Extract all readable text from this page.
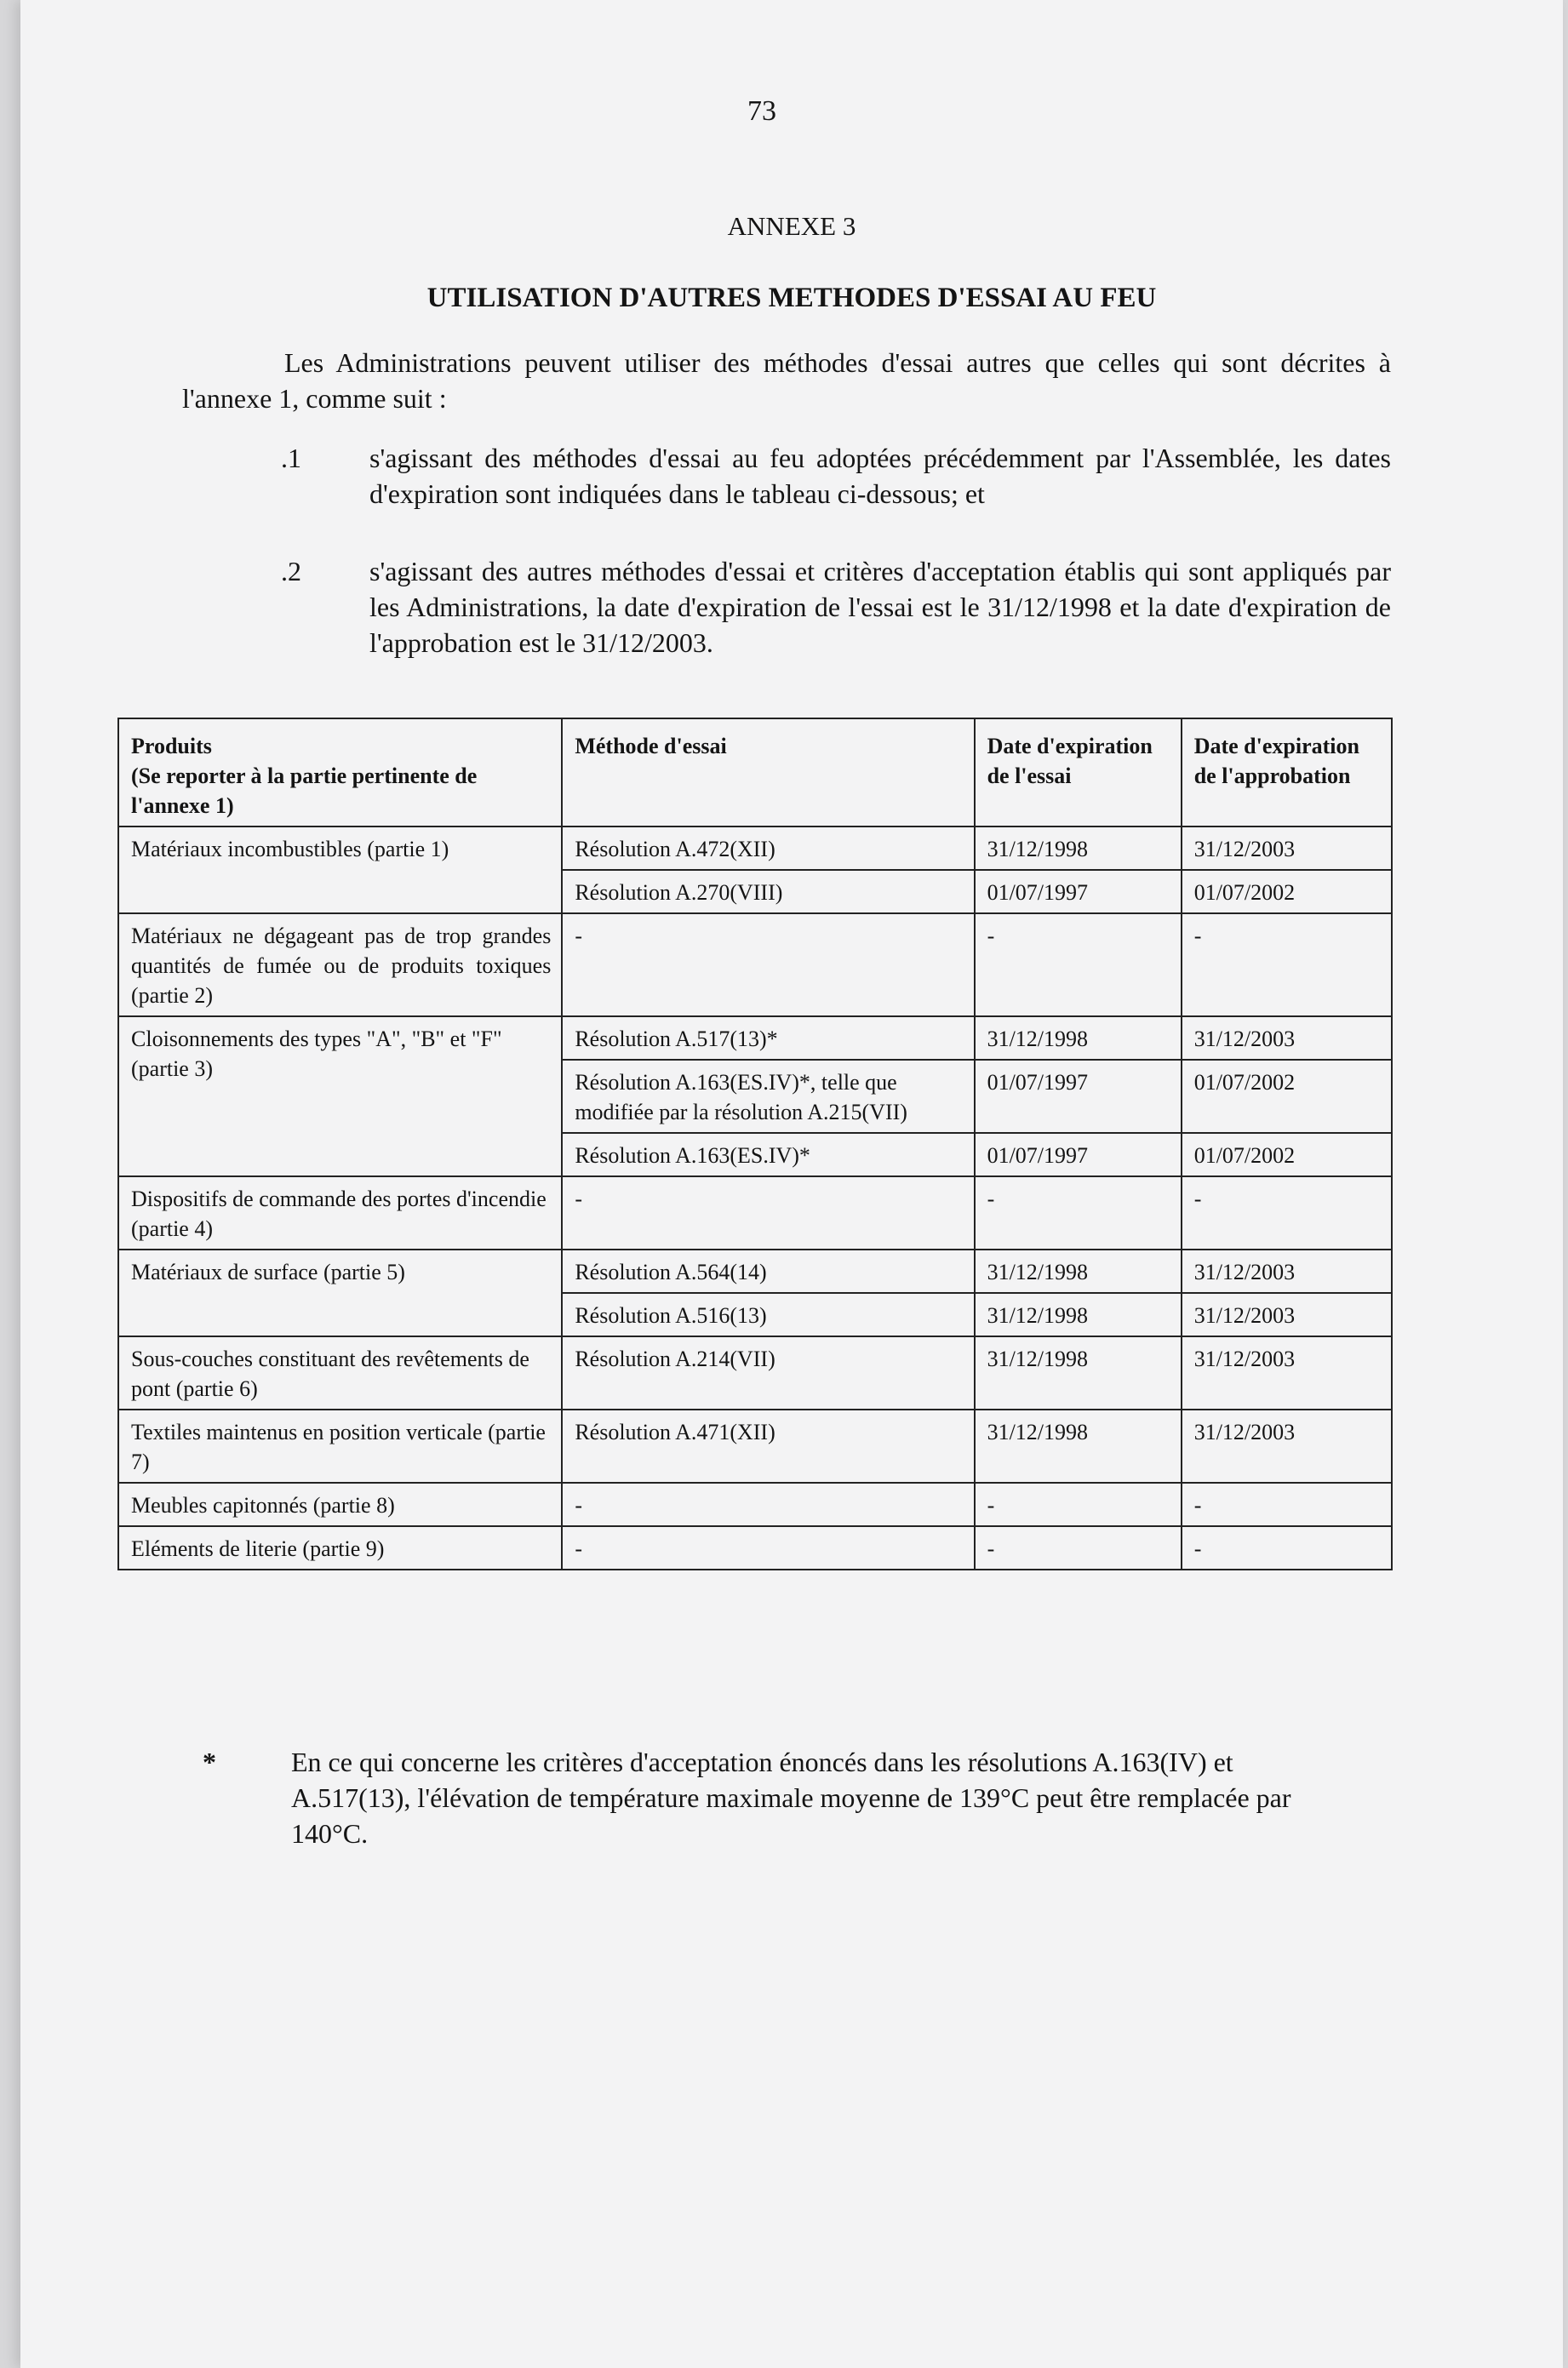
73
ANNEXE 3
UTILISATION D'AUTRES METHODES D'ESSAI AU FEU
Les Administrations peuvent utiliser des méthodes d'essai autres que celles qui sont décrites à l'annexe 1, comme suit :
.1	s'agissant des méthodes d'essai au feu adoptées précédemment par l'Assemblée, les dates d'expiration sont indiquées dans le tableau ci-dessous; et
.2	s'agissant des autres méthodes d'essai et critères d'acceptation établis qui sont appliqués par les Administrations, la date d'expiration de l'essai est le 31/12/1998 et la date d'expiration de l'approbation est le 31/12/2003.
Produits
(Se reporter à la partie pertinente de l'annexe 1)	Méthode d'essai	Date d'expiration de l'essai	Date d'expiration de l'approbation
Matériaux incombustibles (partie 1)	Résolution A.472(XII)	31/12/1998	31/12/2003
	Résolution A.270(VIII)	01/07/1997	01/07/2002
Matériaux ne dégageant pas de trop grandes quantités de fumée ou de produits toxiques (partie 2)	-	-	-
Cloisonnements des types "A", "B" et "F" (partie 3)	Résolution A.517(13)*	31/12/1998	31/12/2003
	Résolution A.163(ES.IV)*, telle que modifiée par la résolution A.215(VII)	01/07/1997	01/07/2002
	Résolution A.163(ES.IV)*	01/07/1997	01/07/2002
Dispositifs de commande des portes d'incendie (partie 4)	-	-	-
Matériaux de surface (partie 5)	Résolution A.564(14)	31/12/1998	31/12/2003
	Résolution A.516(13)	31/12/1998	31/12/2003
Sous-couches constituant des revêtements de pont (partie 6)	Résolution A.214(VII)	31/12/1998	31/12/2003
Textiles maintenus en position verticale (partie 7)	Résolution A.471(XII)	31/12/1998	31/12/2003
Meubles capitonnés (partie 8)	-	-	-
Eléments de literie (partie 9)	-	-	-
*	En ce qui concerne les critères d'acceptation énoncés dans les résolutions A.163(IV) et A.517(13), l'élévation de température maximale moyenne de 139°C peut être remplacée par 140°C.
